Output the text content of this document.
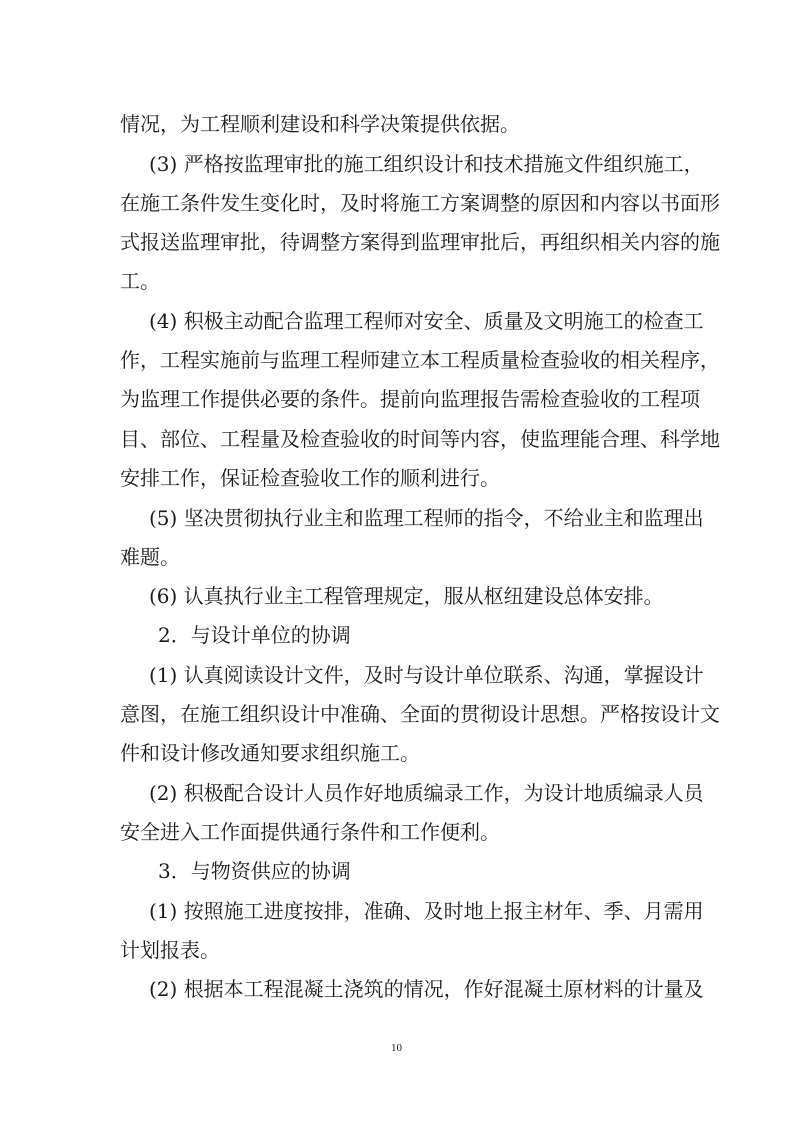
情况，为工程顺利建设和科学决策提供依据。
(3) 严格按监理审批的施工组织设计和技术措施文件组织施工，
在施工条件发生变化时，及时将施工方案调整的原因和内容以书面形
式报送监理审批，待调整方案得到监理审批后，再组织相关内容的施
工。
(4) 积极主动配合监理工程师对安全、质量及文明施工的检查工
作，工程实施前与监理工程师建立本工程质量检查验收的相关程序，
为监理工作提供必要的条件。提前向监理报告需检查验收的工程项
目、部位、工程量及检查验收的时间等内容，使监理能合理、科学地
安排工作，保证检查验收工作的顺利进行。
(5) 坚决贯彻执行业主和监理工程师的指令，不给业主和监理出
难题。
(6) 认真执行业主工程管理规定，服从枢纽建设总体安排。
2．与设计单位的协调
(1) 认真阅读设计文件，及时与设计单位联系、沟通，掌握设计
意图，在施工组织设计中准确、全面的贯彻设计思想。严格按设计文
件和设计修改通知要求组织施工。
(2) 积极配合设计人员作好地质编录工作，为设计地质编录人员
安全进入工作面提供通行条件和工作便利。
3．与物资供应的协调
(1) 按照施工进度按排，准确、及时地上报主材年、季、月需用
计划报表。
(2) 根据本工程混凝土浇筑的情况，作好混凝土原材料的计量及
10
